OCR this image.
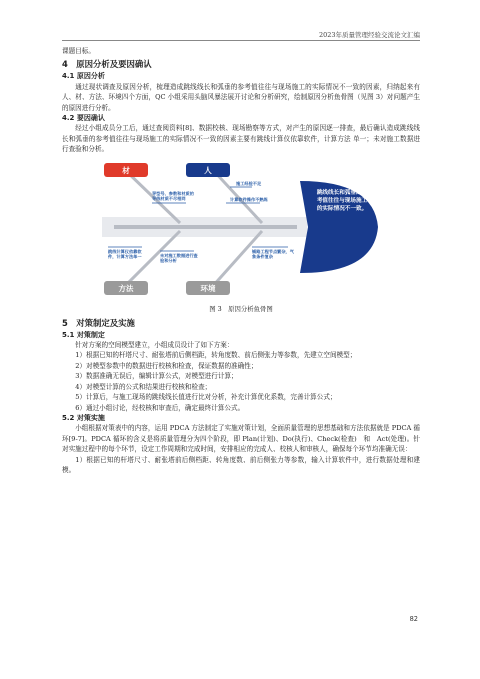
2023年质量管理经验交流论文汇编
课题目标。
4　原因分析及要因确认
4.1 原因分析
通过现状调查及原因分析，梳理造成跳线线长和弧垂的参考值往往与现场施工的实际情况不一致的因素，归纳起来有人、材、方法、环境四个方面，QC 小组采用头脑风暴法展开讨论和分析研究，绘制原因分析鱼骨图（见图 3）对问题产生的原因进行分析。
4.2 要因确认
经过小组成员分工后，通过查阅资料[8]、数据校核、现场勘察等方式，对产生的原因逐一排查，最后确认造成跳线线长和弧垂的参考值往往与现场施工的实际情况不一致的因素主要有跳线计算仪依靠软件，计算方法 单一；未对施工数据进行查验和分析。
材	人
方法	环境
导型号、参数和材质的导线材质不尽相同
施工经验不足
计算软件操作不熟练
跳线计算仪依靠软件，计算方法单一	未对施工数据进行查验和分析
铺路工程节点繁杂，气象条件复杂
跳线线长和弧垂的参考值往往与现场施工的实际情况不一致。
图 3　原因分析鱼骨图
5　对策制定及实施
5.1 对策制定
针对方案的空间模型建立，小组成员设计了如下方案：
1）根据已知的杆塔尺寸、耐张塔前后侧档距，转角度数、前后侧张力等参数，先建立空间模型；
2）对模型参数中的数据进行校核和检查，保证数据的准确性；
3）数据准确无误后，编辑计算公式，对模型进行计算；
4）对模型计算的公式和结果进行校核和检查；
5）计算后，与施工现场的跳线线长值进行比对分析，补充计算优化系数，完善计算公式；
6）通过小组讨论，经校核和审查后，确定最终计算公式。
5.2 对策实施
小组根据对策表中的内容，运用 PDCA 方法制定了实施对策计划，全面质量管理的思想基础和方法依据就是 PDCA 循环[9-7]。PDCA 循环的含义是将质量管理分为四个阶段，即 Plan(计划)、Do(执行)、Check(检查)　和　Act(处理)。针对实施过程中的每个环节，设定工作周期和完成时间，安排相应的完成人、校核人和审核人，确保每个环节均准确无误：
1）根据已知的杆塔尺寸、耐张塔前后侧档距、转角度数、前后侧张力等参数，输入计算软件中，进行数据处理和建模。
82
